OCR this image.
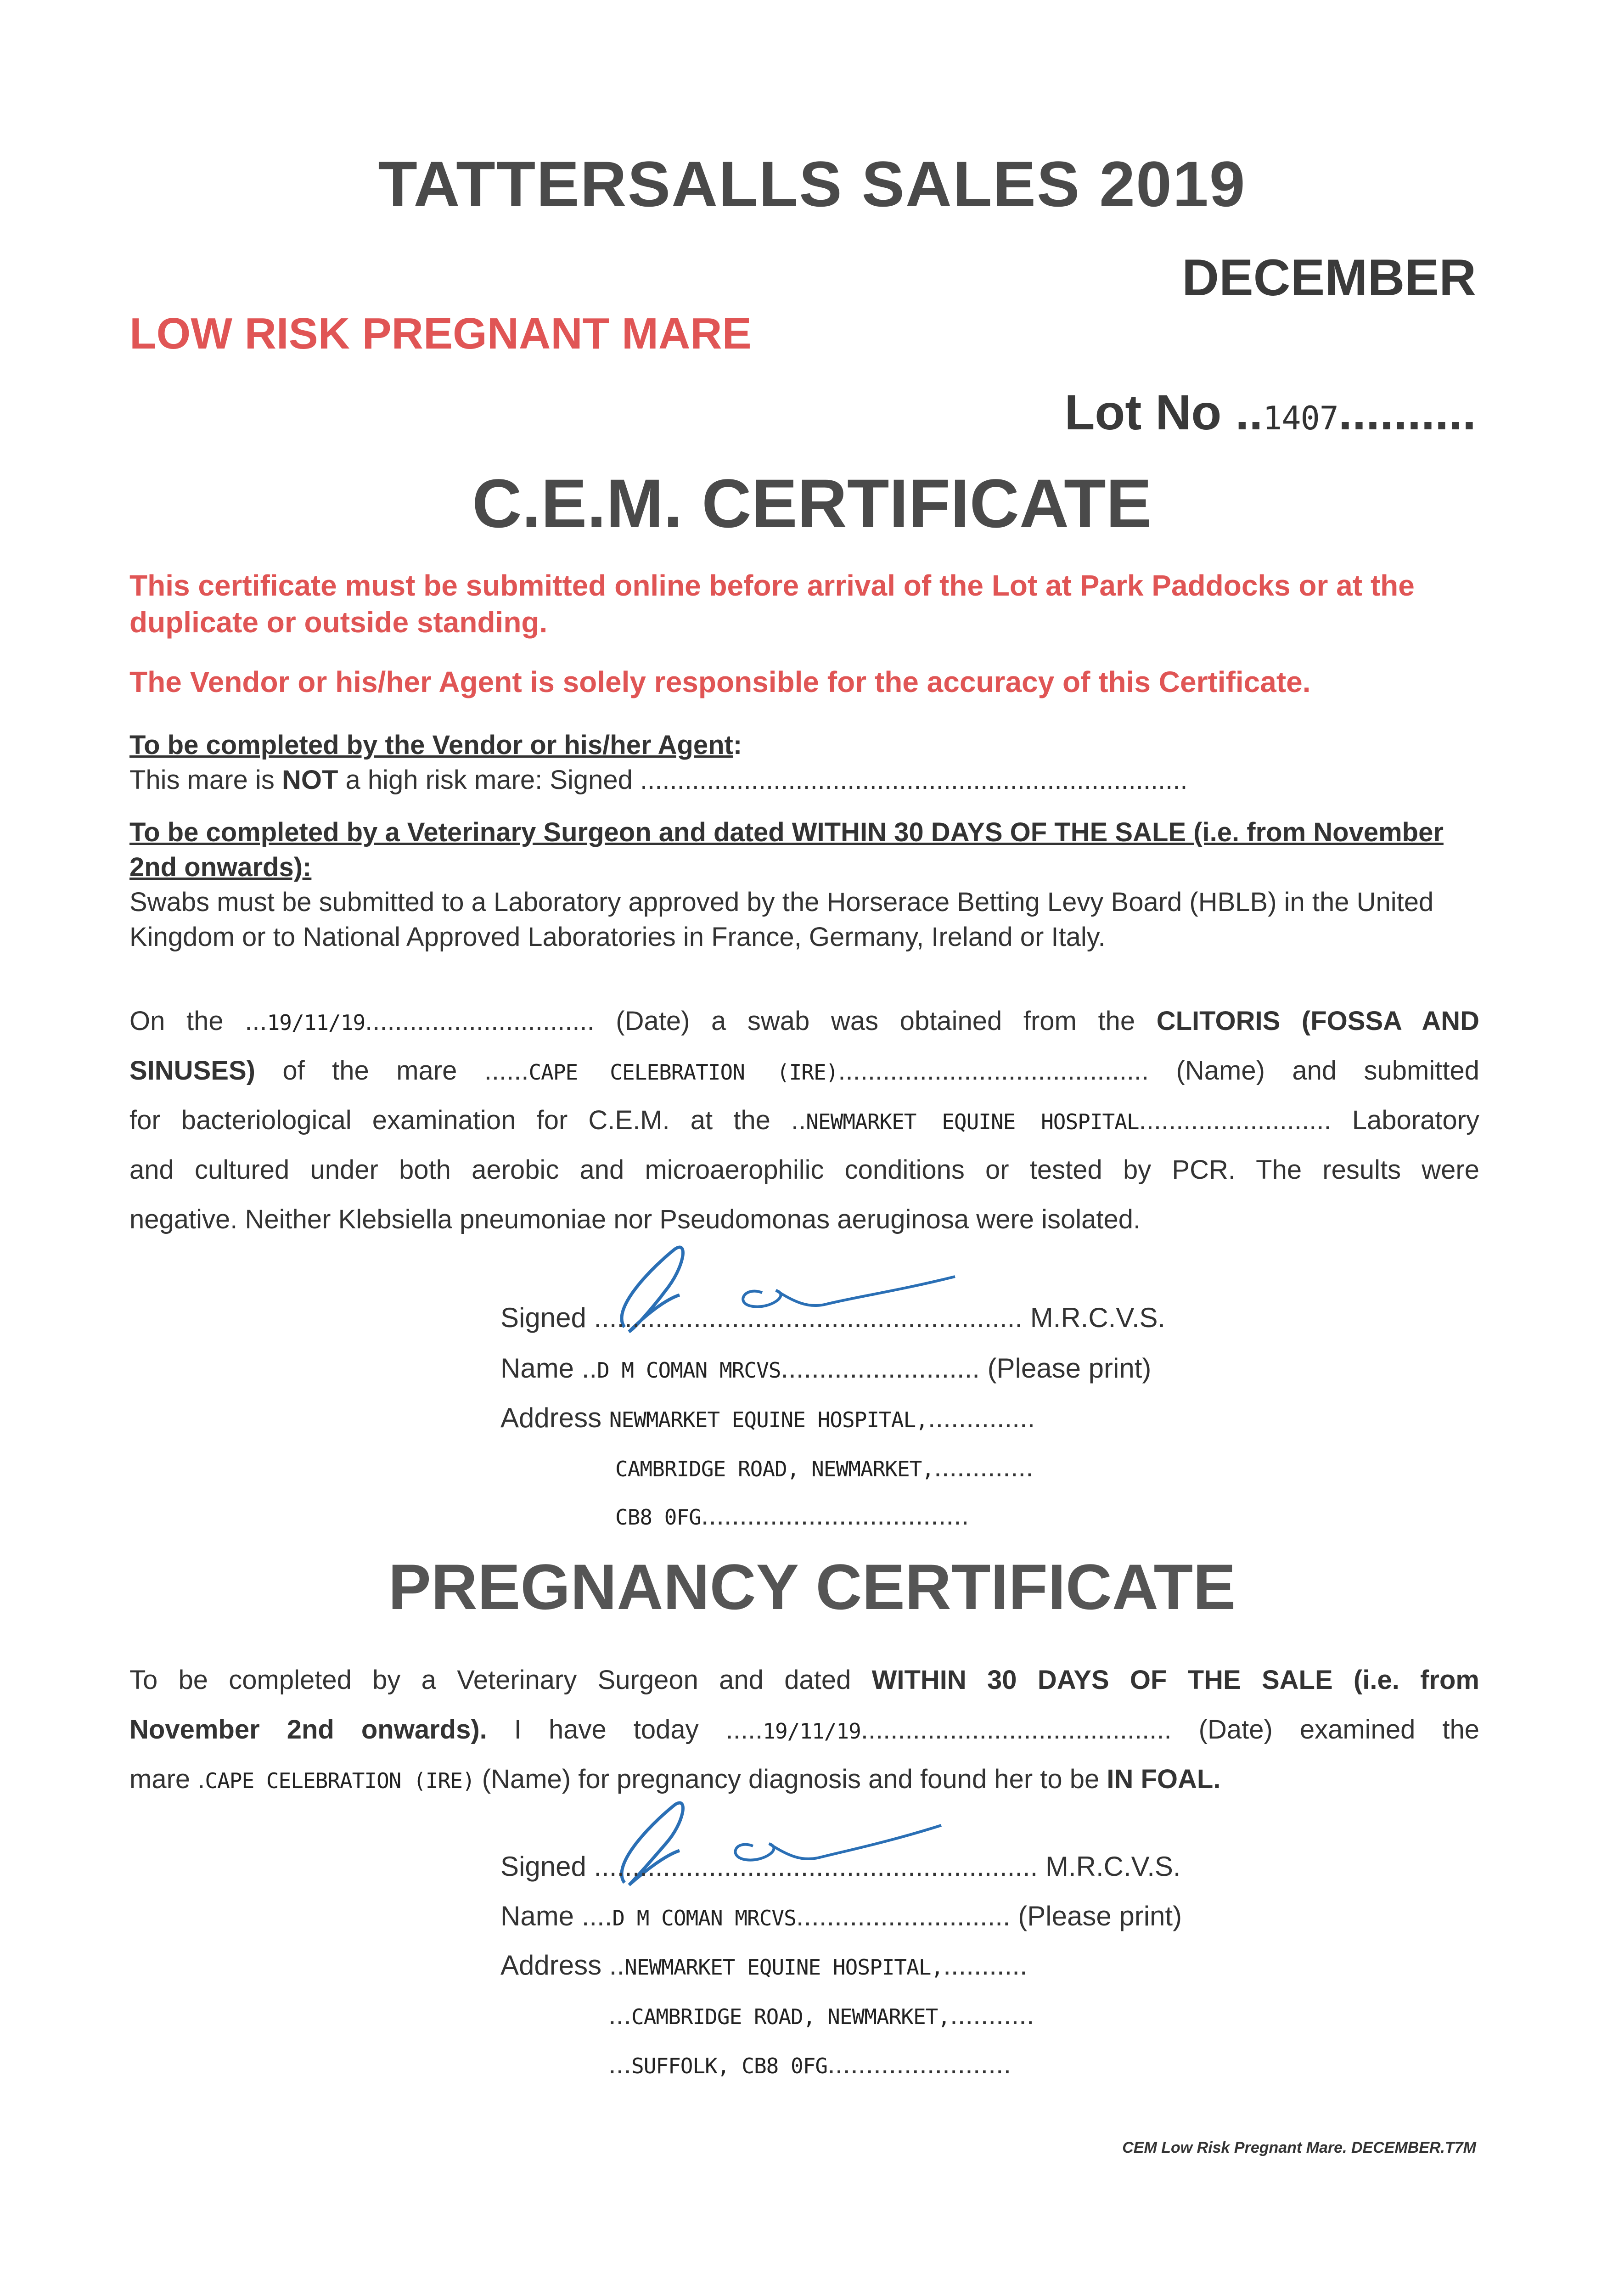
TATTERSALLS SALES 2019
DECEMBER
LOW RISK PREGNANT MARE
Lot No ..1407..........
C.E.M. CERTIFICATE
This certificate must be submitted online before arrival of the Lot at Park Paddocks or at the duplicate or outside standing.
The Vendor or his/her Agent is solely responsible for the accuracy of this Certificate.
To be completed by the Vendor or his/her Agent:
This mare is NOT a high risk mare: Signed ..........................................................................
To be completed by a Veterinary Surgeon and dated WITHIN 30 DAYS OF THE SALE (i.e. from November 2nd onwards):
Swabs must be submitted to a Laboratory approved by the Horserace Betting Levy Board (HBLB) in the United Kingdom or to National Approved Laboratories in France, Germany, Ireland or Italy.
On the ...19/11/19............................... (Date) a swab was obtained from the CLITORIS (FOSSA AND
SINUSES) of the mare ......CAPE CELEBRATION (IRE).......................................... (Name) and submitted
for bacteriological examination for C.E.M. at the ..NEWMARKET EQUINE HOSPITAL.......................... Laboratory
and cultured under both aerobic and microaerophilic conditions or tested by PCR. The results were
negative. Neither Klebsiella pneumoniae nor Pseudomonas aeruginosa were isolated.
Signed ........................................................ M.R.C.V.S.
Name ..D M COMAN MRCVS.......................... (Please print)
Address NEWMARKET EQUINE HOSPITAL,..............
CAMBRIDGE ROAD, NEWMARKET,.............
CB8 0FG...................................
PREGNANCY CERTIFICATE
To be completed by a Veterinary Surgeon and dated WITHIN 30 DAYS OF THE SALE (i.e. from
November 2nd onwards). I have today .....19/11/19.......................................... (Date) examined the
mare .CAPE CELEBRATION (IRE) (Name) for pregnancy diagnosis and found her to be IN FOAL.
Signed .......................................................... M.R.C.V.S.
Name ....D M COMAN MRCVS............................ (Please print)
Address ..NEWMARKET EQUINE HOSPITAL,...........
...CAMBRIDGE ROAD, NEWMARKET,...........
...SUFFOLK, CB8 0FG........................
CEM Low Risk Pregnant Mare. DECEMBER.T7M
